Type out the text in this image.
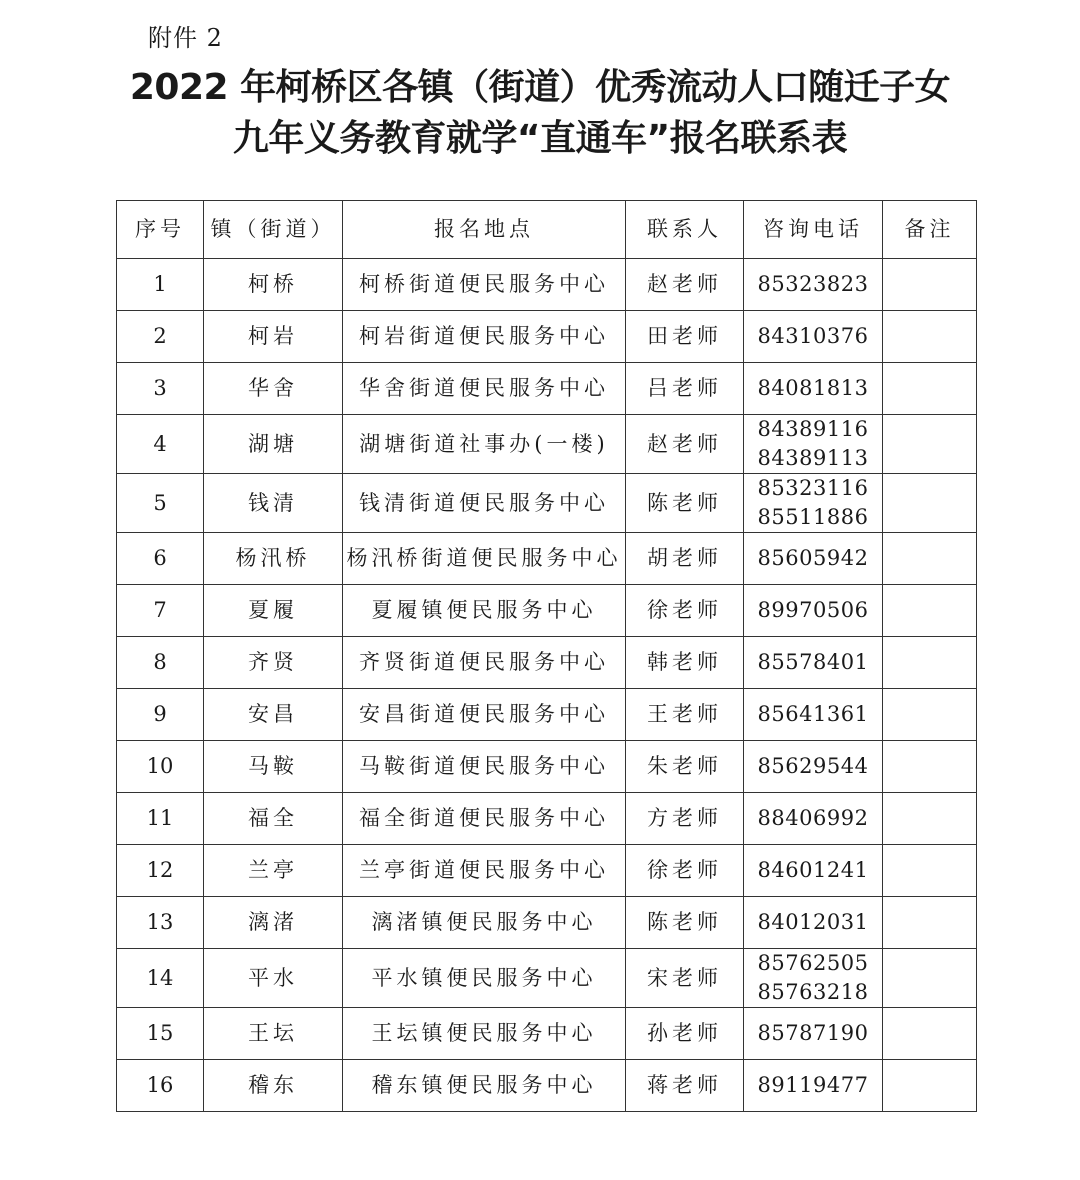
附件 2
2022 年柯桥区各镇（街道）优秀流动人口随迁子女
九年义务教育就学“直通车”报名联系表
序号	镇（街道）	报名地点	联系人	咨询电话	备注
1	柯桥	柯桥街道便民服务中心	赵老师	85323823	

2	柯岩	柯岩街道便民服务中心	田老师	84310376	

3	华舍	华舍街道便民服务中心	吕老师	84081813	

4	湖塘	湖塘街道社事办(一楼)	赵老师	84389116
84389113	

5	钱清	钱清街道便民服务中心	陈老师	85323116
85511886	

6	杨汛桥	杨汛桥街道便民服务中心	胡老师	85605942	

7	夏履	夏履镇便民服务中心	徐老师	89970506	

8	齐贤	齐贤街道便民服务中心	韩老师	85578401	

9	安昌	安昌街道便民服务中心	王老师	85641361	

10	马鞍	马鞍街道便民服务中心	朱老师	85629544	

11	福全	福全街道便民服务中心	方老师	88406992	

12	兰亭	兰亭街道便民服务中心	徐老师	84601241	

13	漓渚	漓渚镇便民服务中心	陈老师	84012031	

14	平水	平水镇便民服务中心	宋老师	85762505
85763218	

15	王坛	王坛镇便民服务中心	孙老师	85787190	

16	稽东	稽东镇便民服务中心	蒋老师	89119477	
